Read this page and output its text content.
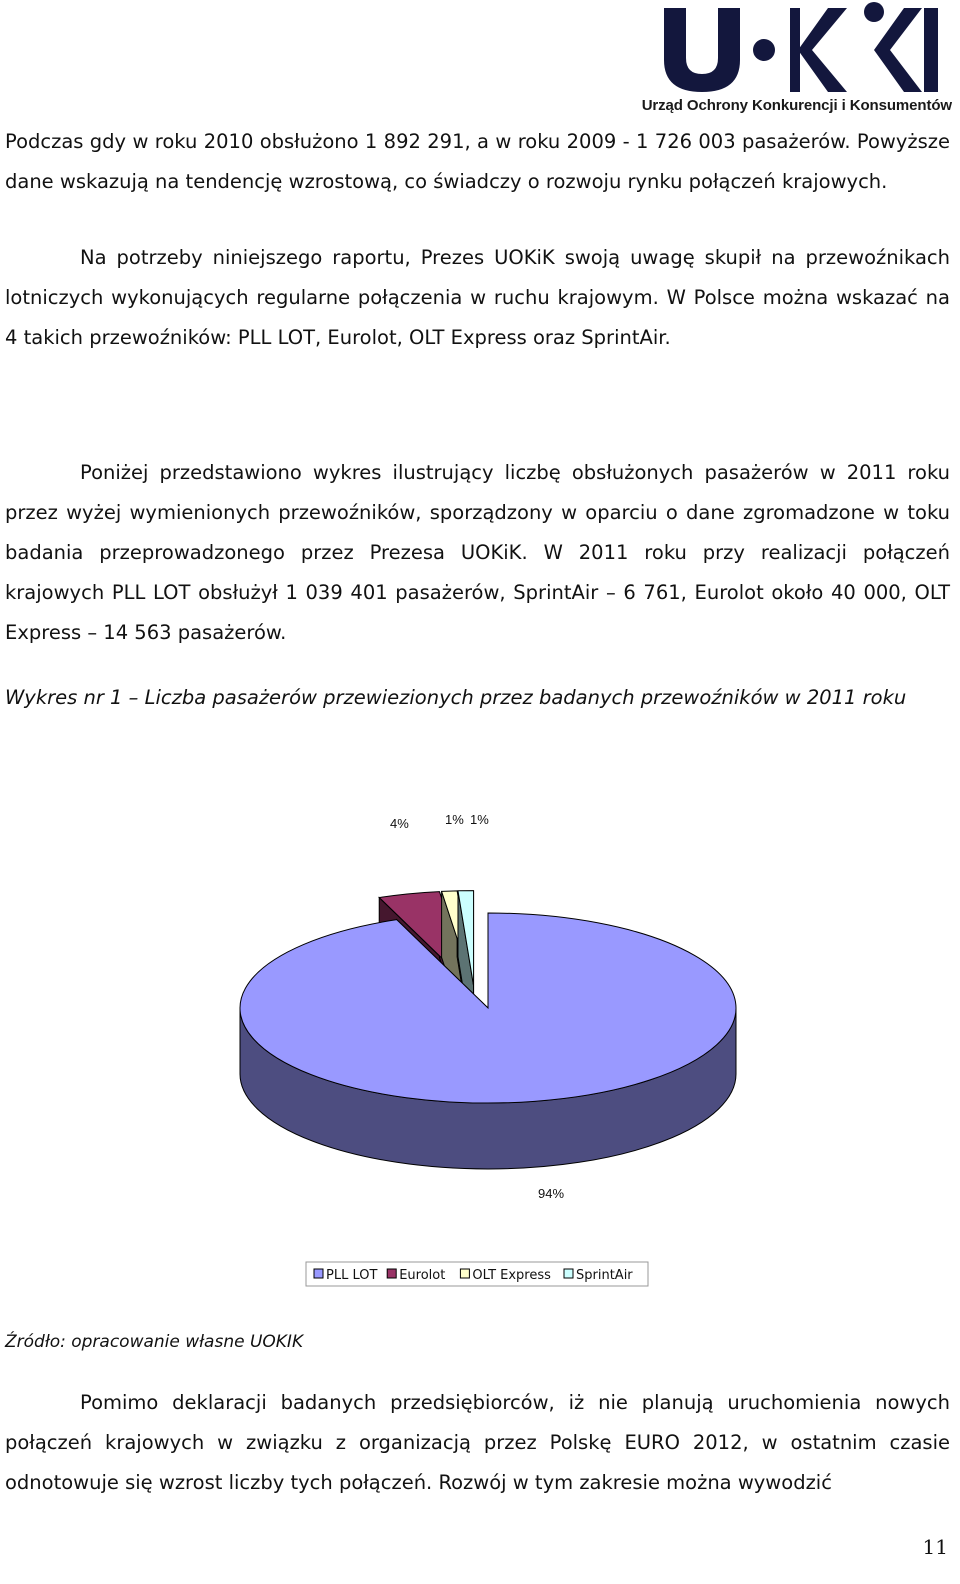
Urząd Ochrony Konkurencji i Konsumentów

Podczas gdy w roku 2010 obsłużono 1 892 291, a w roku 2009 - 1 726 003 pasażerów. Powyższe dane wskazują na tendencję wzrostową, co świadczy o rozwoju rynku połączeń krajowych.

Na potrzeby niniejszego raportu, Prezes UOKiK swoją uwagę skupił na przewoźnikach lotniczych wykonujących regularne połączenia w ruchu krajowym. W Polsce można wskazać na 4 takich przewoźników: PLL LOT, Eurolot, OLT Express oraz SprintAir.

Poniżej przedstawiono wykres ilustrujący liczbę obsłużonych pasażerów w 2011 roku przez wyżej wymienionych przewoźników, sporządzony w oparciu o dane zgromadzone w toku badania przeprowadzonego przez Prezesa UOKiK. W 2011 roku przy realizacji połączeń krajowych PLL LOT obsłużył 1 039 401 pasażerów, SprintAir – 6 761, Eurolot około 40 000, OLT Express – 14 563 pasażerów.

Wykres nr 1 – Liczba pasażerów przewiezionych przez badanych przewoźników w 2011 roku
94%
4%	1% 1%
PLL LOT Eurolot OLT Express SprintAir
Źródło: opracowanie własne UOKIK

Pomimo deklaracji badanych przedsiębiorców, iż nie planują uruchomienia nowych połączeń krajowych w związku z organizacją przez Polskę EURO 2012, w ostatnim czasie odnotowuje się wzrost liczby tych połączeń. Rozwój w tym zakresie można wywodzić

11
